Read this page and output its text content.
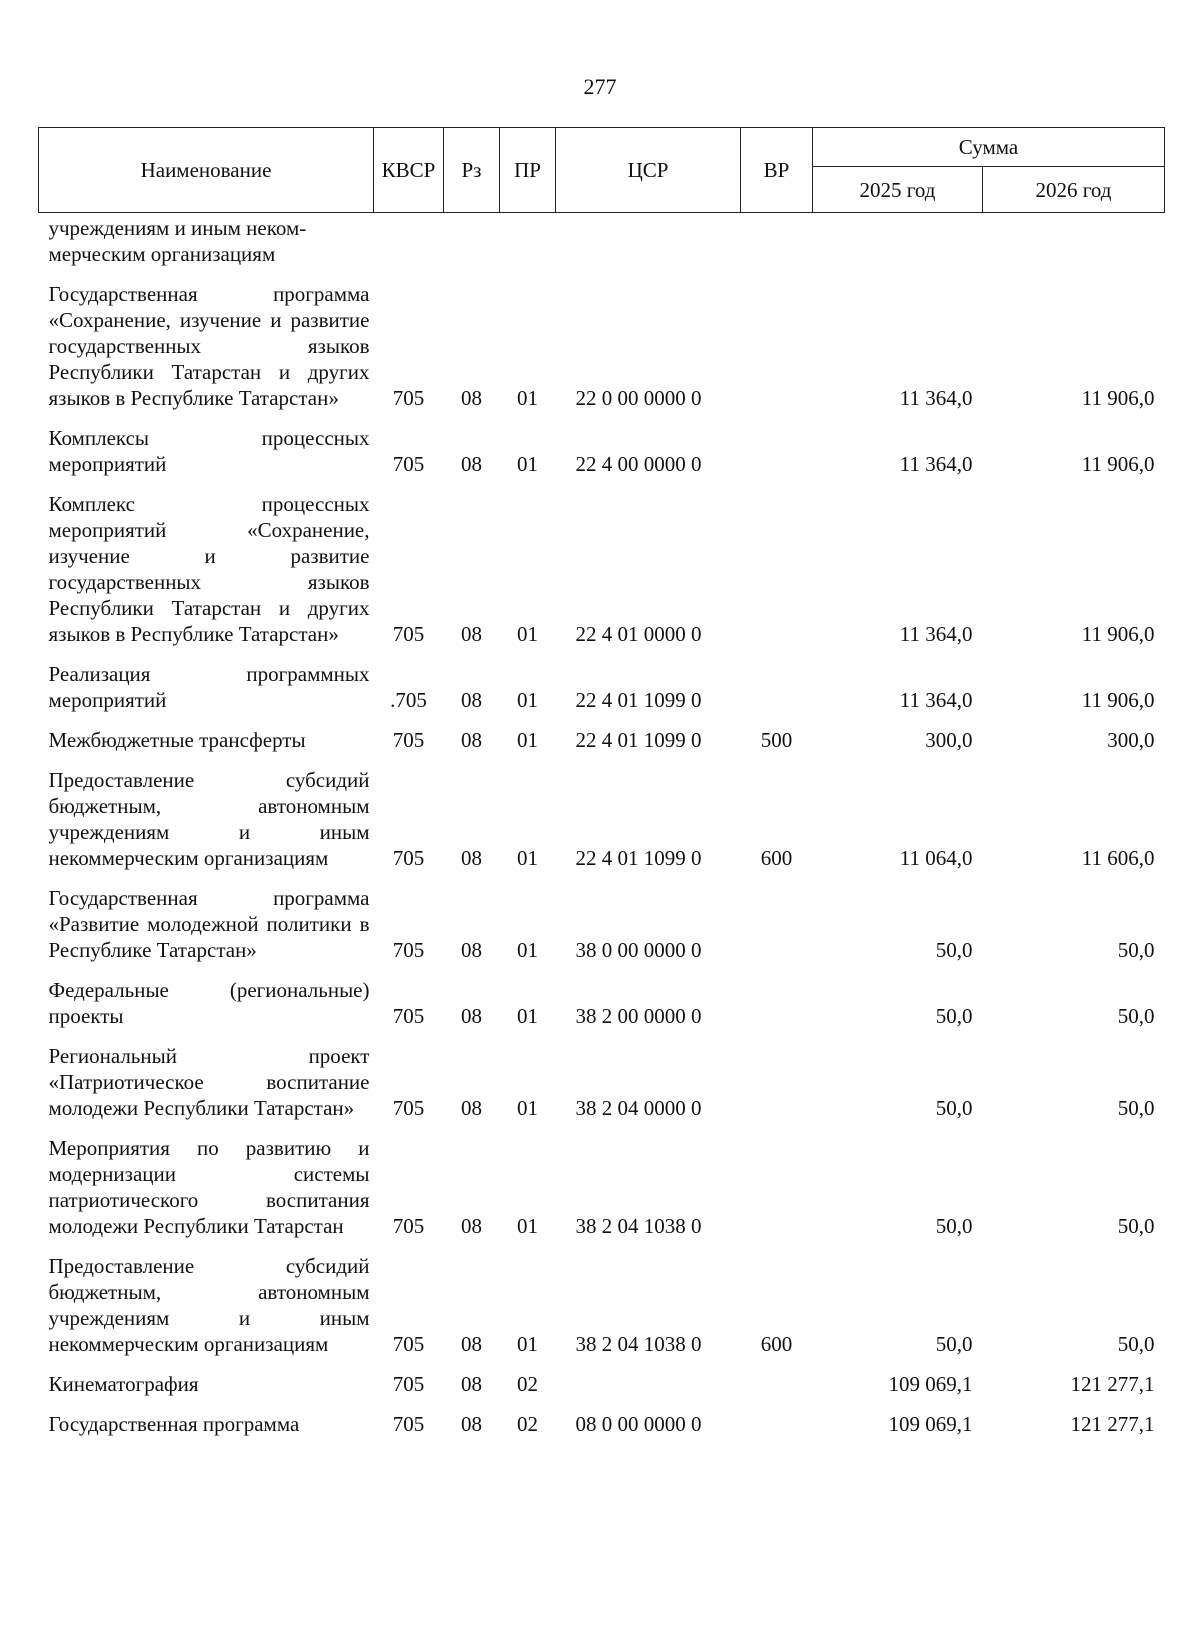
277
Наименование	КВСР	Рз	ПР	ЦСР	ВР	Сумма	
						2025 год	2026 год
учреждениям и иным неком-
мерческим организациям							
Государственная программа «Сохранение, изучение и развитие государственных языков Республики Татарстан и других языков в Республике Татарстан»	705	08	01	22 0 00 0000 0		11 364,0	11 906,0
Комплексы процессных мероприятий	705	08	01	22 4 00 0000 0		11 364,0	11 906,0
Комплекс процессных мероприятий «Сохранение, изучение и развитие государственных языков Республики Татарстан и других языков в Республике Татарстан»	705	08	01	22 4 01 0000 0		11 364,0	11 906,0
Реализация программных мероприятий	.705	08	01	22 4 01 1099 0		11 364,0	11 906,0
Межбюджетные трансферты	705	08	01	22 4 01 1099 0	500	300,0	300,0
Предоставление субсидий бюджетным, автономным учреждениям и иным некоммерческим организациям	705	08	01	22 4 01 1099 0	600	11 064,0	11 606,0
Государственная программа «Развитие молодежной политики в Республике Татарстан»	705	08	01	38 0 00 0000 0		50,0	50,0
Федеральные (региональные) проекты	705	08	01	38 2 00 0000 0		50,0	50,0
Региональный проект «Патриотическое воспитание молодежи Республики Татарстан»	705	08	01	38 2 04 0000 0		50,0	50,0
Мероприятия по развитию и модернизации системы патриотического воспитания молодежи Республики Татарстан	705	08	01	38 2 04 1038 0		50,0	50,0
Предоставление субсидий бюджетным, автономным учреждениям и иным некоммерческим организациям	705	08	01	38 2 04 1038 0	600	50,0	50,0
Кинематография	705	08	02			109 069,1	121 277,1
Государственная программа	705	08	02	08 0 00 0000 0		109 069,1	121 277,1
